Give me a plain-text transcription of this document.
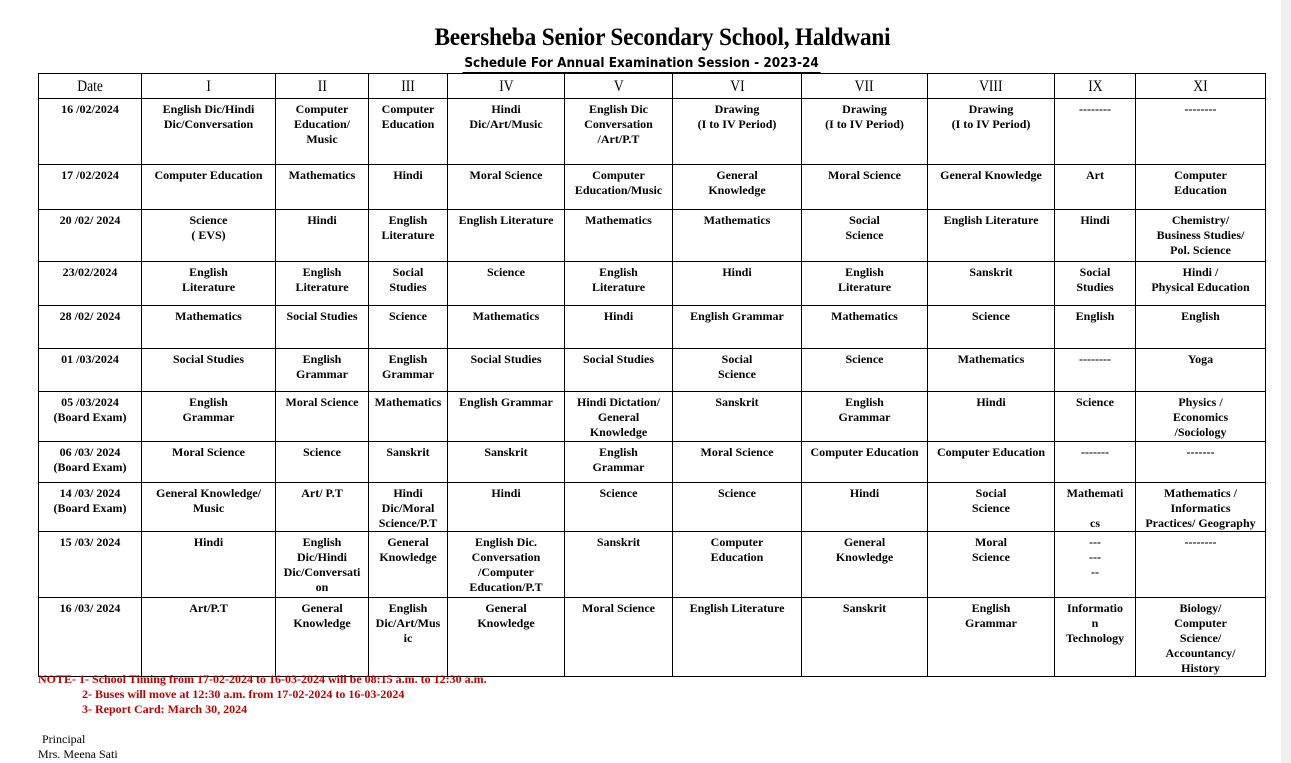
Beersheba Senior Secondary School, Haldwani
Schedule For Annual Examination Session - 2023-24
Date	I	II	III	IV	V	VI	VII	VIII	IX	XI

16 /02/2024	English Dic/Hindi
Dic/Conversation	Computer
Education/
Music	Computer
Education	Hindi
Dic/Art/Music	English Dic
Conversation
/Art/P.T	Drawing
(I to IV Period)	Drawing
(I to IV Period)	Drawing
(I to IV Period)	--------	--------

17 /02/2024	Computer Education	Mathematics	Hindi	Moral Science	Computer
Education/Music	General
Knowledge	Moral Science	General Knowledge	Art	Computer
Education

20 /02/ 2024	Science
( EVS)	Hindi	English
Literature	English Literature	Mathematics	Mathematics	Social
Science	English Literature	Hindi	Chemistry/
Business Studies/
Pol. Science

23/02/2024	English
Literature	English
Literature	Social
Studies	Science	English
Literature	Hindi	English
Literature	Sanskrit	Social
Studies	Hindi /
Physical Education

28 /02/ 2024	Mathematics	Social Studies	Science	Mathematics	Hindi	English Grammar	Mathematics	Science	English	English

01 /03/2024	Social Studies	English
Grammar	English
Grammar	Social Studies	Social Studies	Social
Science	Science	Mathematics	--------	Yoga

05 /03/2024
(Board Exam)	English
Grammar	Moral Science	Mathematics	English Grammar	Hindi Dictation/
General
Knowledge	Sanskrit	English
Grammar	Hindi	Science	Physics /
Economics
/Sociology

06 /03/ 2024
(Board Exam)	Moral Science	Science	Sanskrit	Sanskrit	English
Grammar	Moral Science	Computer Education	Computer Education	-------	-------

14 /03/ 2024
(Board Exam)	General Knowledge/
Music	Art/ P.T	Hindi
Dic/Moral
Science/P.T	Hindi	Science	Science	Hindi	Social
Science	Mathemati

cs	Mathematics /
Informatics
Practices/ Geography

15 /03/ 2024	Hindi	English
Dic/Hindi
Dic/Conversati
on	General
Knowledge	English Dic.
Conversation
/Computer
Education/P.T	Sanskrit	Computer
Education	General
Knowledge	Moral
Science	---
---
--	--------

16 /03/ 2024	Art/P.T	General
Knowledge	English
Dic/Art/Mus
ic	General
Knowledge	Moral Science	English Literature	Sanskrit	English
Grammar	Informatio
n
Technology	Biology/
Computer
Science/
Accountancy/
History
NOTE- 1- School Timing from 17-02-2024 to 16-03-2024 will be 08:15 a.m. to 12:30 a.m.
2- Buses will move at 12:30 a.m. from 17-02-2024 to 16-03-2024
3- Report Card: March 30, 2024
Principal
Mrs. Meena Sati
